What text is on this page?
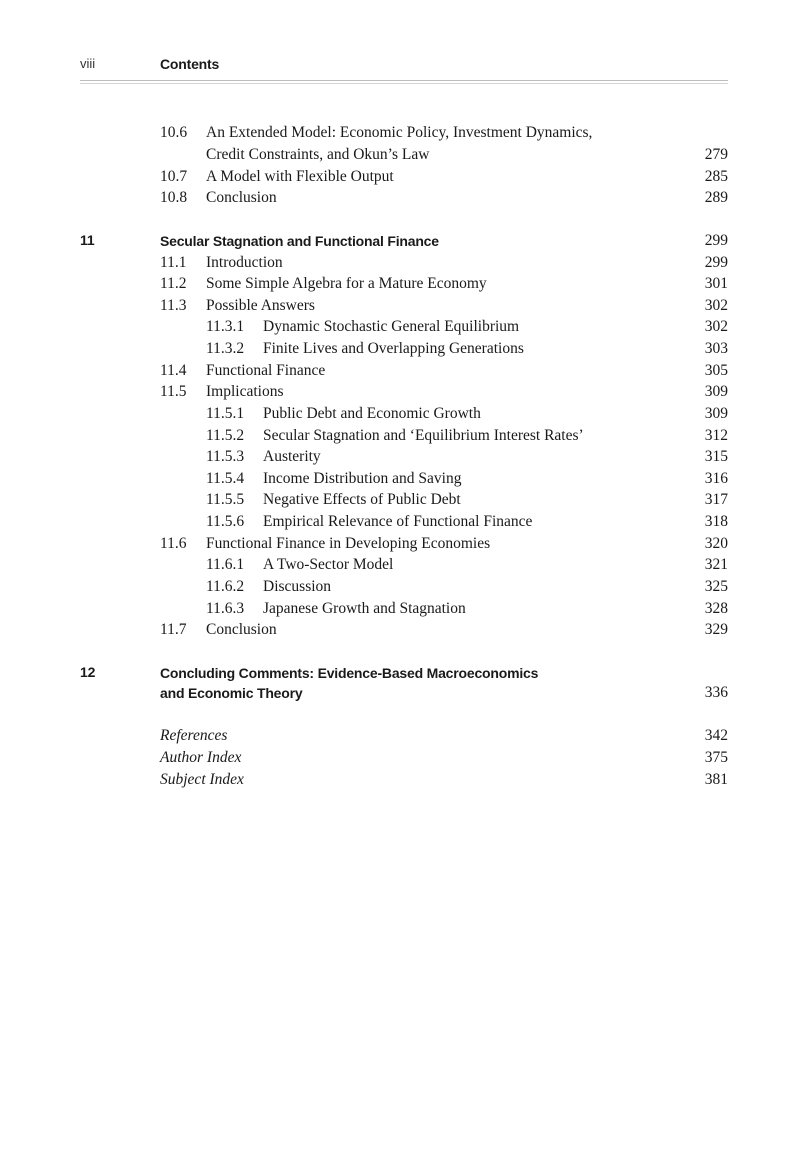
viii	Contents
10.6 An Extended Model: Economic Policy, Investment Dynamics,
Credit Constraints, and Okun’s Law	279
10.7 A Model with Flexible Output	285
10.8 Conclusion	289
11	Secular Stagnation and Functional Finance	299
11.1 Introduction	299
11.2 Some Simple Algebra for a Mature Economy	301
11.3 Possible Answers	302
11.3.1 Dynamic Stochastic General Equilibrium	302
11.3.2 Finite Lives and Overlapping Generations	303
11.4 Functional Finance	305
11.5 Implications	309
11.5.1 Public Debt and Economic Growth	309
11.5.2 Secular Stagnation and ‘Equilibrium Interest Rates’	312
11.5.3 Austerity	315
11.5.4 Income Distribution and Saving	316
11.5.5 Negative Effects of Public Debt	317
11.5.6 Empirical Relevance of Functional Finance	318
11.6 Functional Finance in Developing Economies	320
11.6.1 A Two-Sector Model	321
11.6.2 Discussion	325
11.6.3 Japanese Growth and Stagnation	328
11.7 Conclusion	329
12	Concluding Comments: Evidence-Based Macroeconomics
and Economic Theory	336
References	342
Author Index	375
Subject Index	381
